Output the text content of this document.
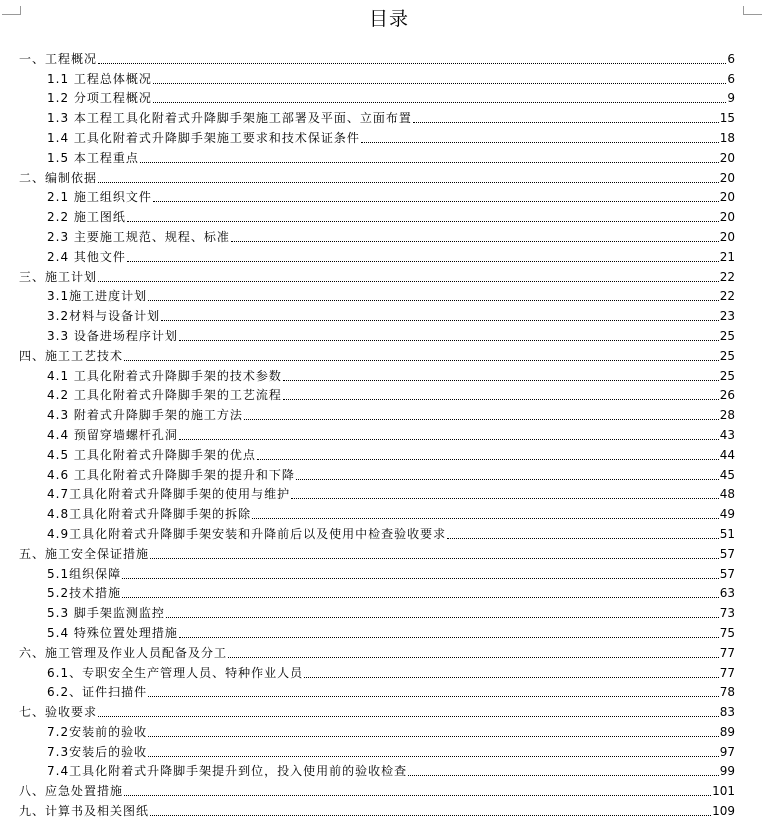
目录
一、工程概况	6
1.1 工程总体概况	6
1.2 分项工程概况	9
1.3 本工程工具化附着式升降脚手架施工部署及平面、立面布置	15
1.4 工具化附着式升降脚手架施工要求和技术保证条件	18
1.5 本工程重点	20
二、编制依据	20
2.1 施工组织文件	20
2.2 施工图纸	20
2.3 主要施工规范、规程、标准	20
2.4 其他文件	21
三、施工计划	22
3.1施工进度计划	22
3.2材料与设备计划	23
3.3 设备进场程序计划	25
四、施工工艺技术	25
4.1 工具化附着式升降脚手架的技术参数	25
4.2 工具化附着式升降脚手架的工艺流程	26
4.3 附着式升降脚手架的施工方法	28
4.4 预留穿墙螺杆孔洞	43
4.5 工具化附着式升降脚手架的优点	44
4.6 工具化附着式升降脚手架的提升和下降	45
4.7工具化附着式升降脚手架的使用与维护	48
4.8工具化附着式升降脚手架的拆除	49
4.9工具化附着式升降脚手架安装和升降前后以及使用中检查验收要求	51
五、施工安全保证措施	57
5.1组织保障	57
5.2技术措施	63
5.3 脚手架监测监控	73
5.4 特殊位置处理措施	75
六、施工管理及作业人员配备及分工	77
6.1、专职安全生产管理人员、特种作业人员	77
6.2、证件扫描件	78
七、验收要求	83
7.2安装前的验收	89
7.3安装后的验收	97
7.4工具化附着式升降脚手架提升到位，投入使用前的验收检查	99
八、应急处置措施	101
九、计算书及相关图纸	109
